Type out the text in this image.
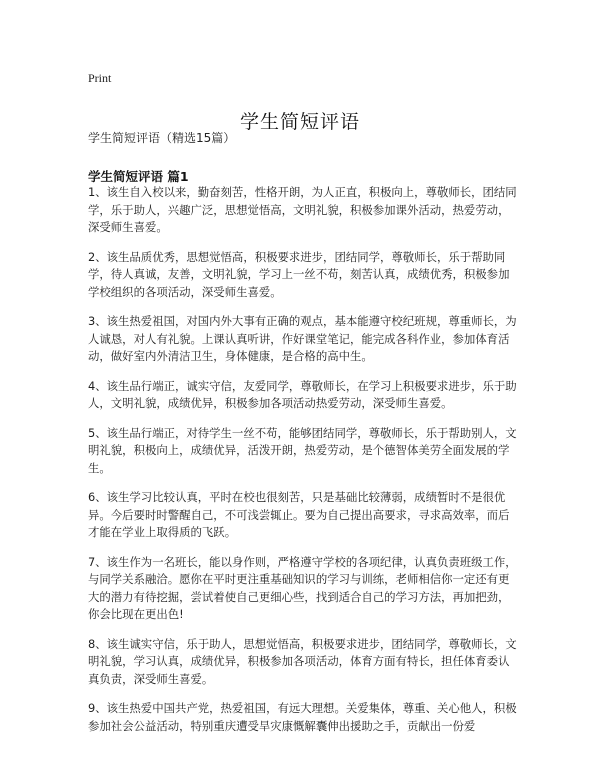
Print
学生简短评语
学生简短评语（精选15篇）
学生简短评语 篇1

1、该生自入校以来，勤奋刻苦，性格开朗，为人正直，积极向上，尊敬师长，团结同学，乐于助人，兴趣广泛，思想觉悟高，文明礼貌，积极参加课外活动，热爱劳动，深受师生喜爱。

2、该生品质优秀，思想觉悟高，积极要求进步，团结同学，尊敬师长，乐于帮助同学，待人真诚，友善，文明礼貌，学习上一丝不苟，刻苦认真，成绩优秀，积极参加学校组织的各项活动，深受师生喜爱。

3、该生热爱祖国，对国内外大事有正确的观点，基本能遵守校纪班规，尊重师长，为人诚恳，对人有礼貌。上课认真听讲，作好课堂笔记，能完成各科作业，参加体育活动，做好室内外清洁卫生，身体健康，是合格的高中生。

4、该生品行端正，诚实守信，友爱同学，尊敬师长，在学习上积极要求进步，乐于助人，文明礼貌，成绩优异，积极参加各项活动热爱劳动，深受师生喜爱。

5、该生品行端正，对待学生一丝不苟，能够团结同学，尊敬师长，乐于帮助别人，文明礼貌，积极向上，成绩优异，活泼开朗，热爱劳动，是个德智体美劳全面发展的学生。

6、该生学习比较认真，平时在校也很刻苦，只是基础比较薄弱，成绩暂时不是很优异。今后要时时警醒自己，不可浅尝辄止。要为自己提出高要求，寻求高效率，而后才能在学业上取得质的飞跃。

7、该生作为一名班长，能以身作则，严格遵守学校的各项纪律，认真负责班级工作，与同学关系融洽。愿你在平时更注重基础知识的学习与训练，老师相信你一定还有更大的潜力有待挖掘，尝试着使自己更细心些，找到适合自己的学习方法，再加把劲，你会比现在更出色!

8、该生诚实守信，乐于助人，思想觉悟高，积极要求进步，团结同学，尊敬师长，文明礼貌，学习认真，成绩优异，积极参加各项活动，体育方面有特长，担任体育委认真负责，深受师生喜爱。

9、该生热爱中国共产党，热爱祖国，有远大理想。关爱集体，尊重、关心他人，积极参加社会公益活动，特别重庆遭受旱灾康慨解囊伸出援助之手，贡献出一份爱
